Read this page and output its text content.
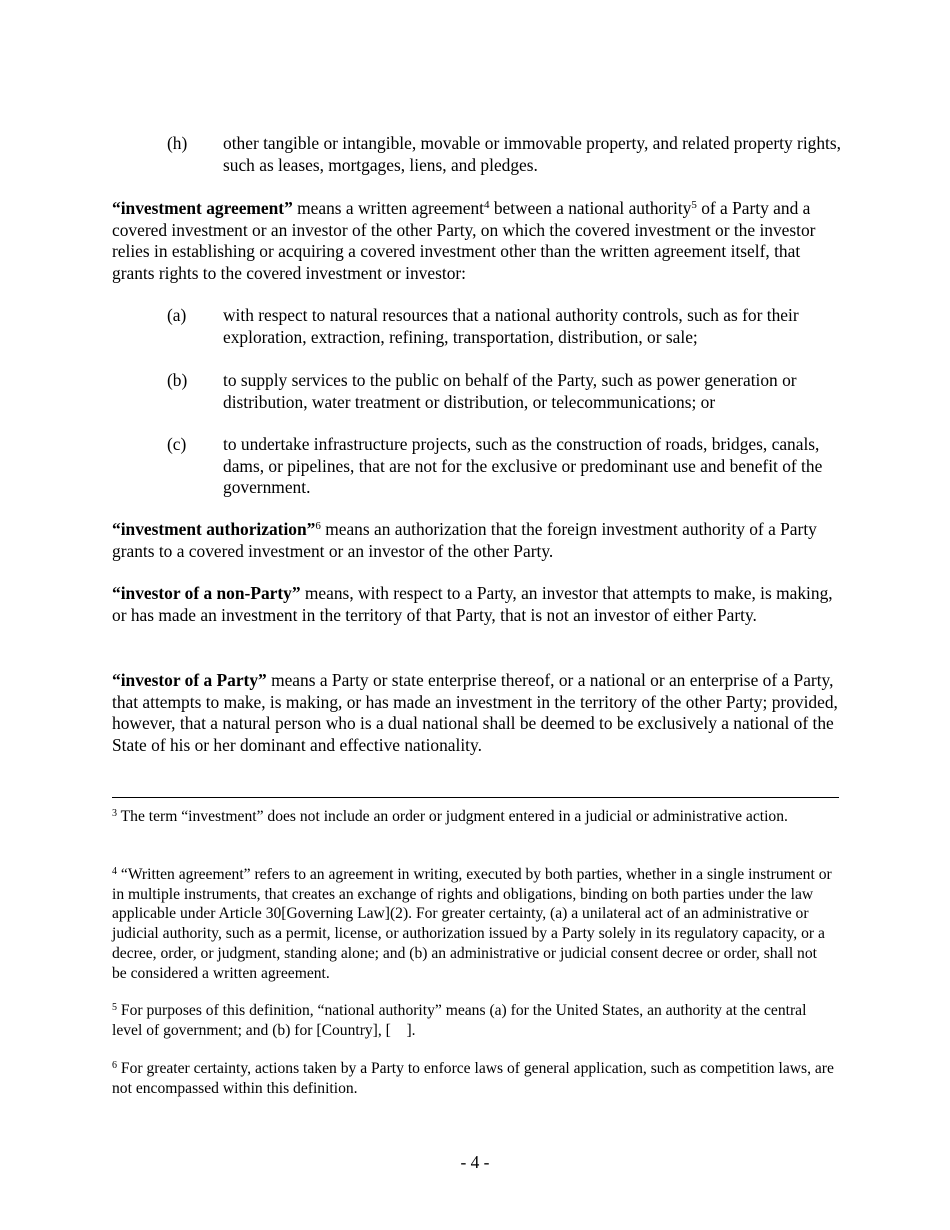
(h) other tangible or intangible, movable or immovable property, and related property rights, such as leases, mortgages, liens, and pledges.

“investment agreement” means a written agreement$^4$ between a national authority$^5$ of a Party and a covered investment or an investor of the other Party, on which the covered investment or the investor relies in establishing or acquiring a covered investment other than the written agreement itself, that grants rights to the covered investment or investor:

(a) with respect to natural resources that a national authority controls, such as for their exploration, extraction, refining, transportation, distribution, or sale;
(b) to supply services to the public on behalf of the Party, such as power generation or distribution, water treatment or distribution, or telecommunications; or
(c) to undertake infrastructure projects, such as the construction of roads, bridges, canals, dams, or pipelines, that are not for the exclusive or predominant use and benefit of the government.

“investment authorization”$^6$ means an authorization that the foreign investment authority of a Party grants to a covered investment or an investor of the other Party.

“investor of a non-Party” means, with respect to a Party, an investor that attempts to make, is making, or has made an investment in the territory of that Party, that is not an investor of either Party.

“investor of a Party” means a Party or state enterprise thereof, or a national or an enterprise of a Party, that attempts to make, is making, or has made an investment in the territory of the other Party; provided, however, that a natural person who is a dual national shall be deemed to be exclusively a national of the State of his or her dominant and effective nationality.

$^3$ The term “investment” does not include an order or judgment entered in a judicial or administrative action.

$^4$ “Written agreement” refers to an agreement in writing, executed by both parties, whether in a single instrument or in multiple instruments, that creates an exchange of rights and obligations, binding on both parties under the law applicable under Article 30[Governing Law](2). For greater certainty, (a) a unilateral act of an administrative or judicial authority, such as a permit, license, or authorization issued by a Party solely in its regulatory capacity, or a decree, order, or judgment, standing alone; and (b) an administrative or judicial consent decree or order, shall not be considered a written agreement.

$^5$ For purposes of this definition, “national authority” means (a) for the United States, an authority at the central level of government; and (b) for [Country], [    ].

$^6$ For greater certainty, actions taken by a Party to enforce laws of general application, such as competition laws, are not encompassed within this definition.

- 4 -
